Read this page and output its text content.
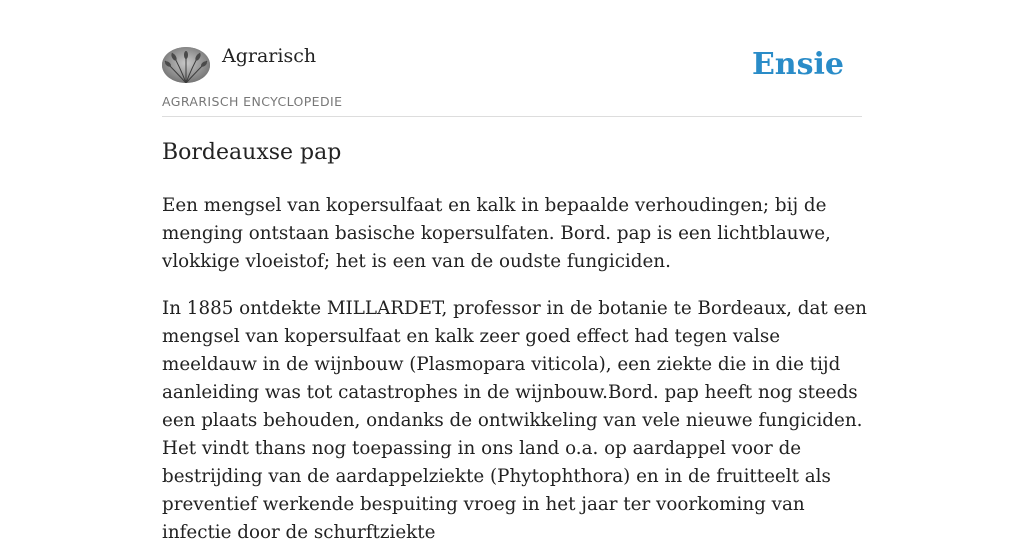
Agrarisch
AGRARISCH ENCYCLOPEDIE
Ensie
Bordeauxse pap

Een mengsel van kopersulfaat en kalk in bepaalde verhoudingen; bij de menging ontstaan basische kopersulfaten. Bord. pap is een lichtblauwe, vlokkige vloeistof; het is een van de oudste fungiciden.

In 1885 ontdekte MILLARDET, professor in de botanie te Bordeaux, dat een mengsel van kopersulfaat en kalk zeer goed effect had tegen valse meeldauw in de wijnbouw (Plasmopara viticola), een ziekte die in die tijd aanleiding was tot catastrophes in de wijnbouw.Bord. pap heeft nog steeds een plaats behouden, ondanks de ontwikkeling van vele nieuwe fungiciden. Het vindt thans nog toepassing in ons land o.a. op aardappel voor de bestrijding van de aardappelziekte (Phytophthora) en in de fruitteelt als preventief werkende bespuiting vroeg in het jaar ter voorkoming van infectie door de schurftziekte
